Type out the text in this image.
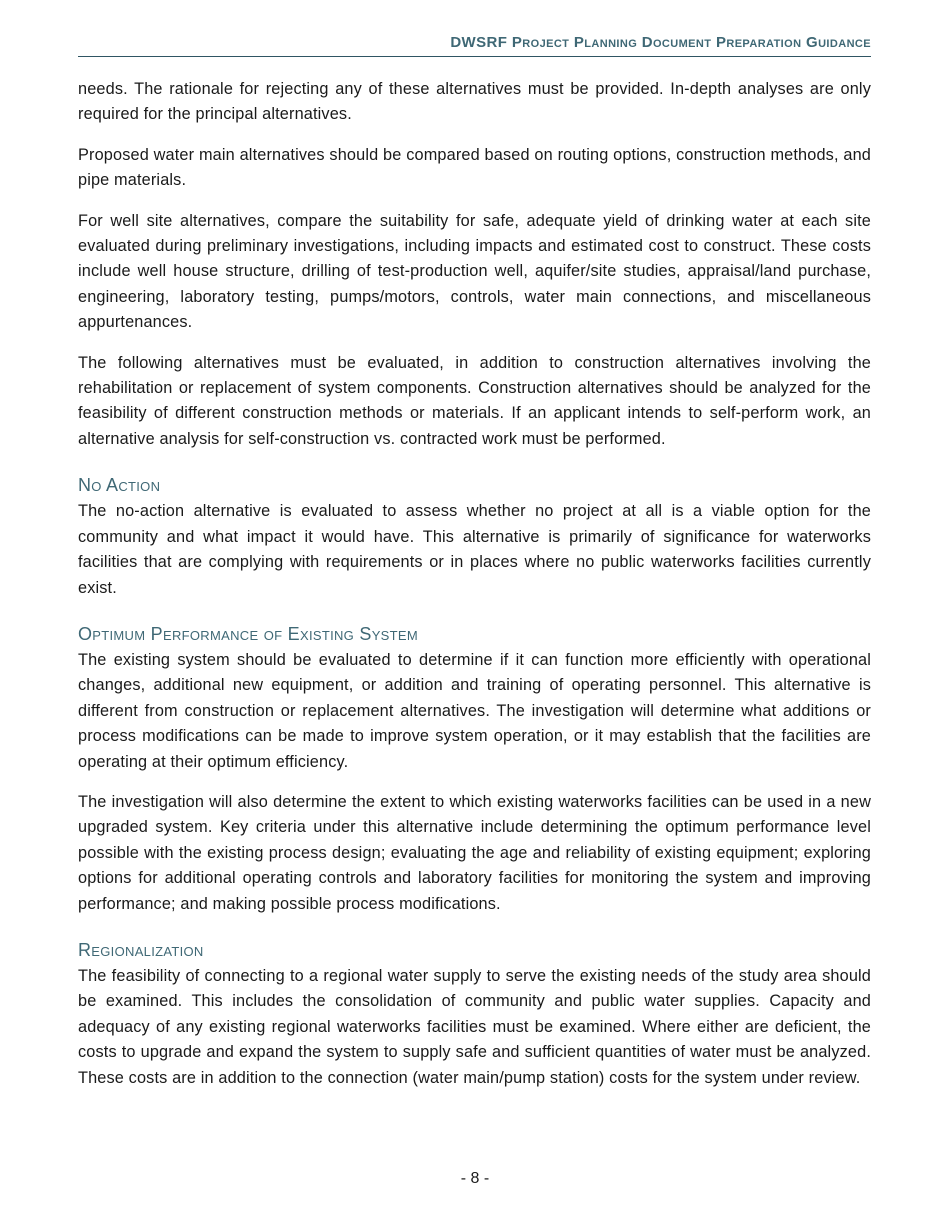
DWSRF Project Planning Document Preparation Guidance

needs. The rationale for rejecting any of these alternatives must be provided. In-depth analyses are only required for the principal alternatives.

Proposed water main alternatives should be compared based on routing options, construction methods, and pipe materials.

For well site alternatives, compare the suitability for safe, adequate yield of drinking water at each site evaluated during preliminary investigations, including impacts and estimated cost to construct. These costs include well house structure, drilling of test-production well, aquifer/site studies, appraisal/land purchase, engineering, laboratory testing, pumps/motors, controls, water main connections, and miscellaneous appurtenances.

The following alternatives must be evaluated, in addition to construction alternatives involving the rehabilitation or replacement of system components. Construction alternatives should be analyzed for the feasibility of different construction methods or materials. If an applicant intends to self-perform work, an alternative analysis for self-construction vs. contracted work must be performed.

No Action

The no-action alternative is evaluated to assess whether no project at all is a viable option for the community and what impact it would have. This alternative is primarily of significance for waterworks facilities that are complying with requirements or in places where no public waterworks facilities currently exist.

Optimum Performance of Existing System

The existing system should be evaluated to determine if it can function more efficiently with operational changes, additional new equipment, or addition and training of operating personnel. This alternative is different from construction or replacement alternatives. The investigation will determine what additions or process modifications can be made to improve system operation, or it may establish that the facilities are operating at their optimum efficiency.

The investigation will also determine the extent to which existing waterworks facilities can be used in a new upgraded system. Key criteria under this alternative include determining the optimum performance level possible with the existing process design; evaluating the age and reliability of existing equipment; exploring options for additional operating controls and laboratory facilities for monitoring the system and improving performance; and making possible process modifications.

Regionalization

The feasibility of connecting to a regional water supply to serve the existing needs of the study area should be examined. This includes the consolidation of community and public water supplies. Capacity and adequacy of any existing regional waterworks facilities must be examined. Where either are deficient, the costs to upgrade and expand the system to supply safe and sufficient quantities of water must be analyzed. These costs are in addition to the connection (water main/pump station) costs for the system under review.

- 8 -
